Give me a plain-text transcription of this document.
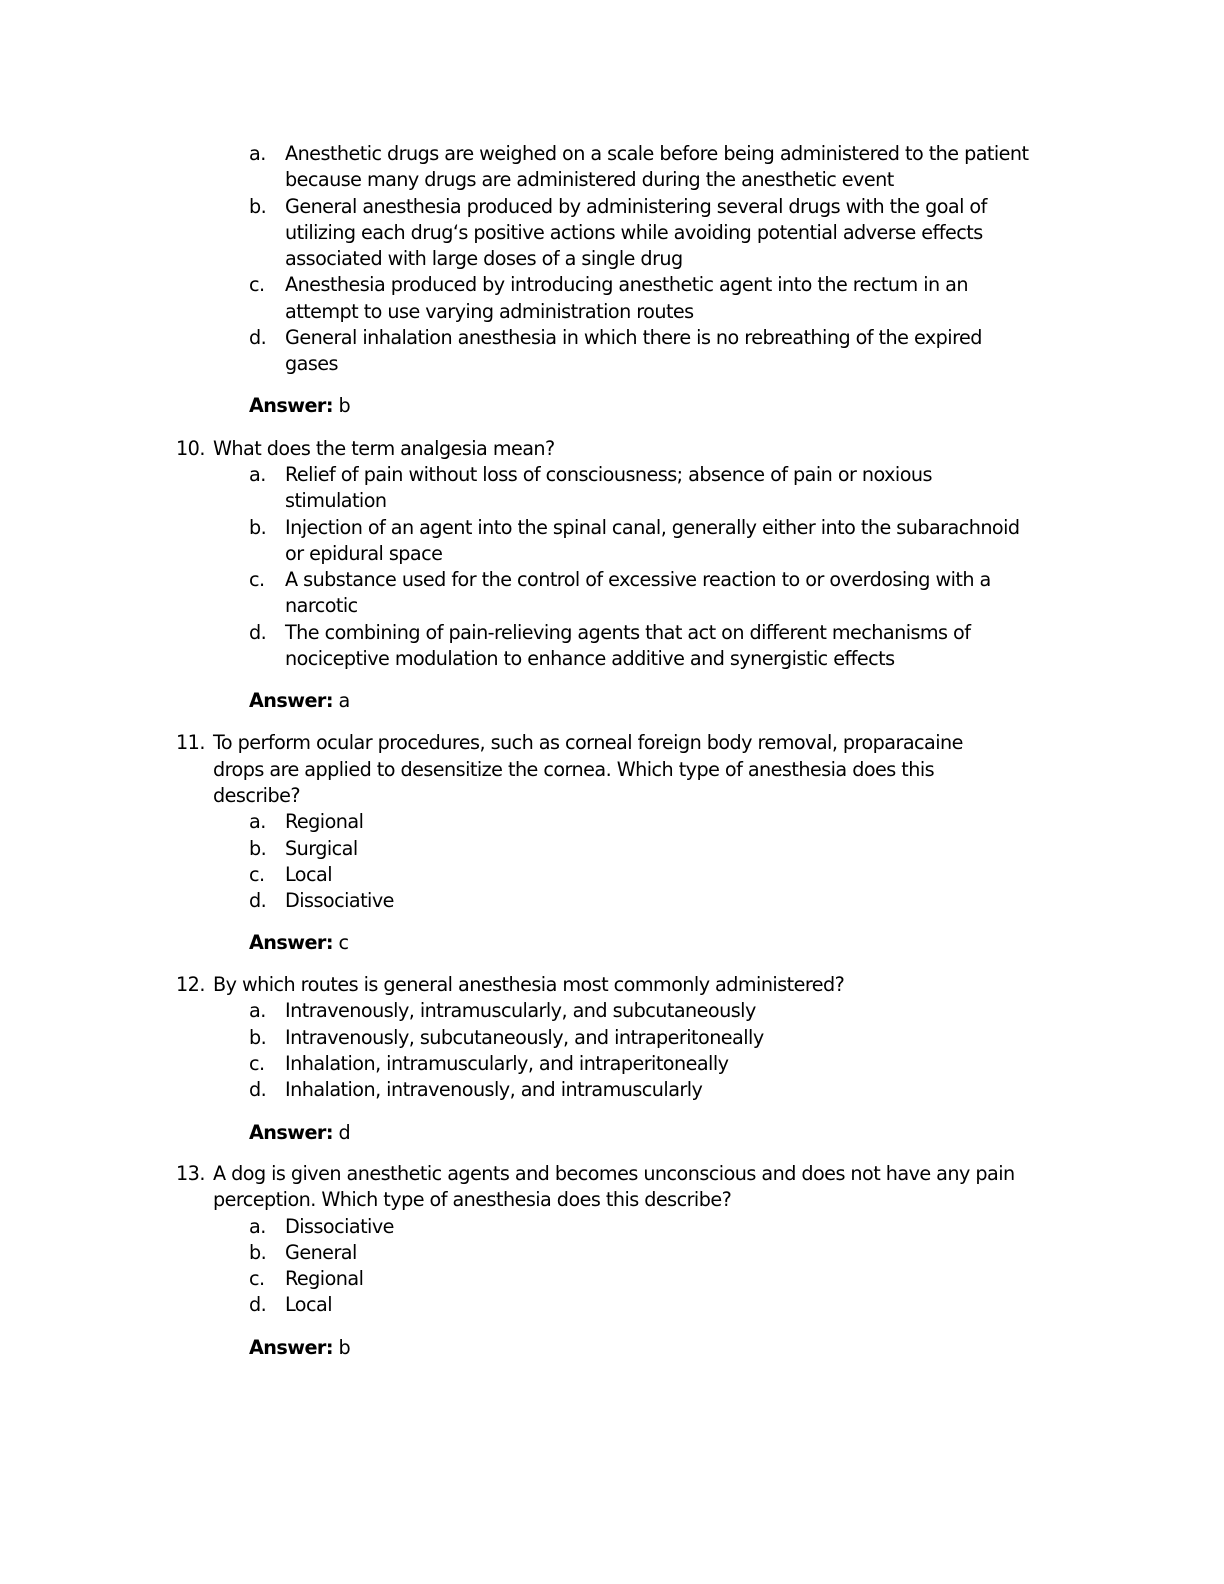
a. Anesthetic drugs are weighed on a scale before being administered to the patient
because many drugs are administered during the anesthetic event
b. General anesthesia produced by administering several drugs with the goal of
utilizing each drug‘s positive actions while avoiding potential adverse effects
associated with large doses of a single drug
c. Anesthesia produced by introducing anesthetic agent into the rectum in an
attempt to use varying administration routes
d. General inhalation anesthesia in which there is no rebreathing of the expired
gases
Answer: b
10. What does the term analgesia mean?
a. Relief of pain without loss of consciousness; absence of pain or noxious
stimulation
b. Injection of an agent into the spinal canal, generally either into the subarachnoid
or epidural space
c. A substance used for the control of excessive reaction to or overdosing with a
narcotic
d. The combining of pain-relieving agents that act on different mechanisms of
nociceptive modulation to enhance additive and synergistic effects
Answer: a
11. To perform ocular procedures, such as corneal foreign body removal, proparacaine
drops are applied to desensitize the cornea. Which type of anesthesia does this
describe?
a. Regional
b. Surgical
c. Local
d. Dissociative
Answer: c
12. By which routes is general anesthesia most commonly administered?
a. Intravenously, intramuscularly, and subcutaneously
b. Intravenously, subcutaneously, and intraperitoneally
c. Inhalation, intramuscularly, and intraperitoneally
d. Inhalation, intravenously, and intramuscularly
Answer: d
13. A dog is given anesthetic agents and becomes unconscious and does not have any pain
perception. Which type of anesthesia does this describe?
a. Dissociative
b. General
c. Regional
d. Local
Answer: b
